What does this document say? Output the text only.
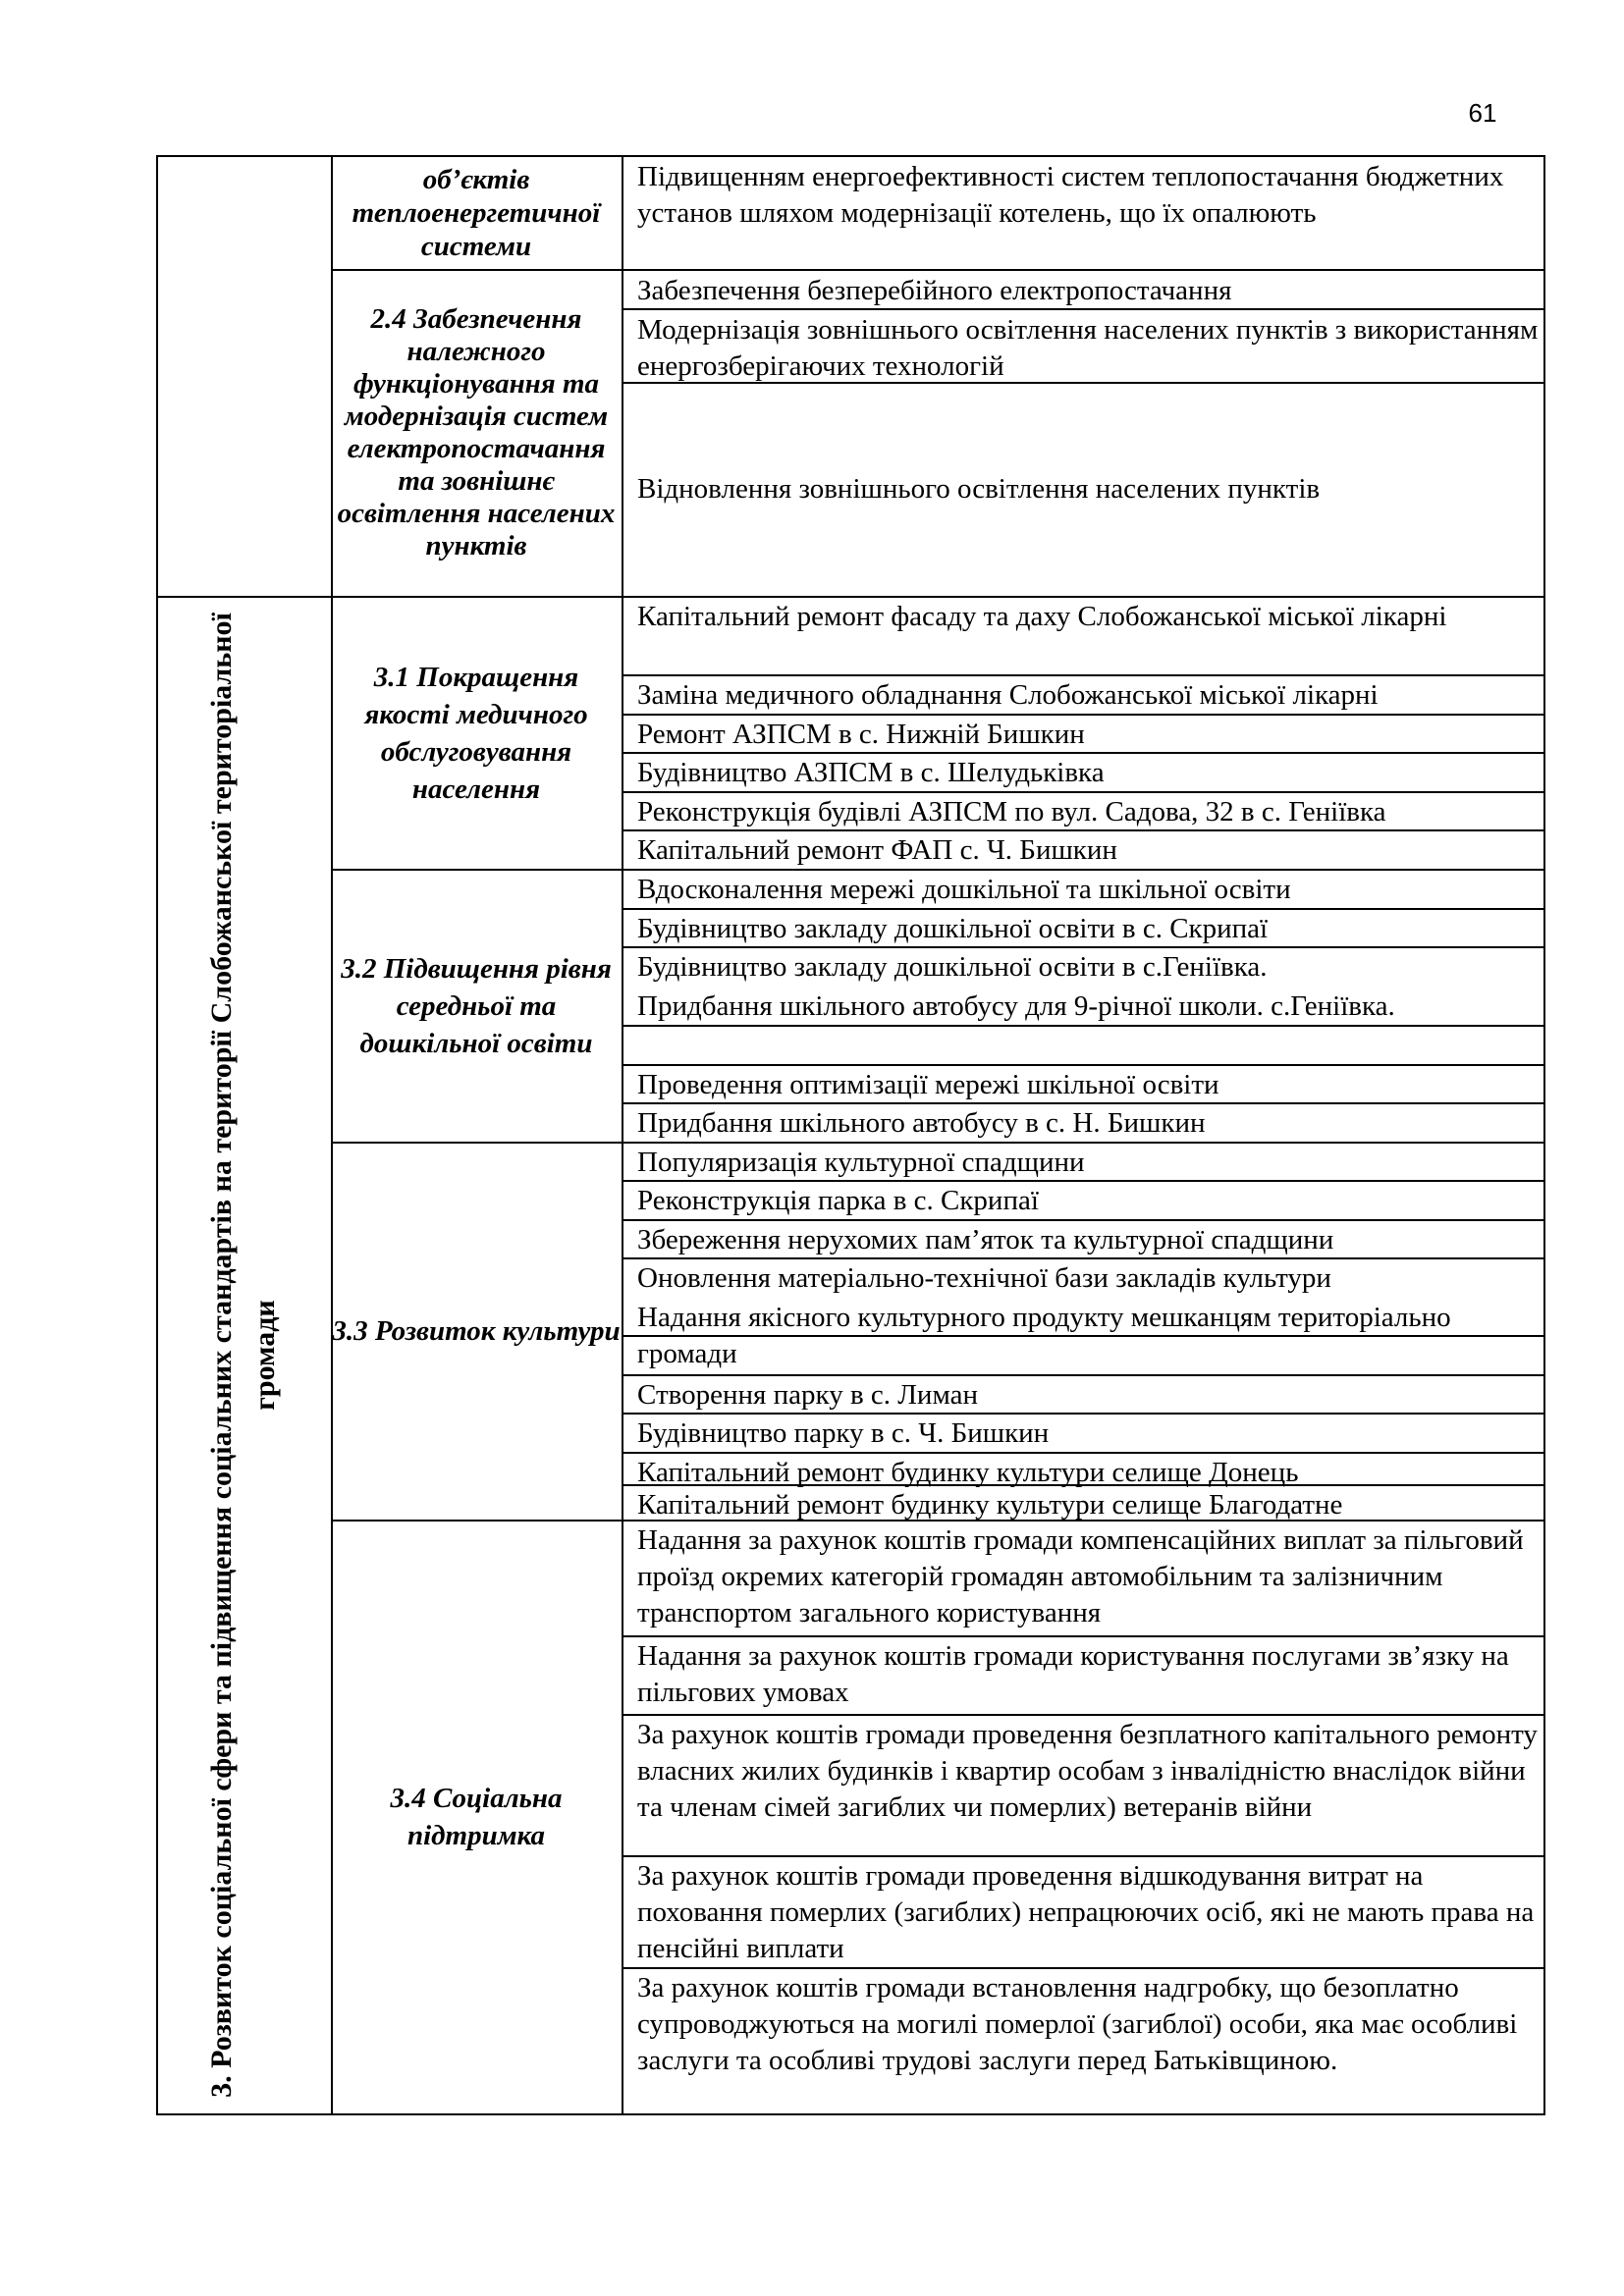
61
3. Розвиток соціальної сфери та підвищення соціальних стандартів на території Слобожанської територіальної громади
об’єктів теплоенергетичної системи
2.4 Забезпечення належного функціонування та модернізація систем електропостачання та зовнішнє освітлення населених пунктів
3.1 Покращення якості медичного обслуговування населення
3.2 Підвищення рівня середньої та дошкільної освіти
3.3 Розвиток культури
3.4 Соціальна підтримка
Підвищенням енергоефективності систем теплопостачання бюджетних установ шляхом модернізації котелень, що їх опалюють
Забезпечення безперебійного електропостачання
Модернізація зовнішнього освітлення населених пунктів з використанням енергозберігаючих технологій
Відновлення зовнішнього освітлення населених пунктів
Капітальний ремонт фасаду та даху Слобожанської міської лікарні
Заміна медичного обладнання Слобожанської міської лікарні
Ремонт АЗПСМ в с. Нижній Бишкин
Будівництво АЗПСМ в с. Шелудьківка
Реконструкція будівлі АЗПСМ по вул. Садова, 32 в с. Геніївка
Капітальний ремонт ФАП с. Ч. Бишкин
Вдосконалення мережі дошкільної та шкільної освіти
Будівництво закладу дошкільної освіти в с. Скрипаї
Будівництво закладу дошкільної освіти в с.Геніївка.
Придбання шкільного автобусу для 9-річної школи. с.Геніївка.
Проведення оптимізації мережі шкільної освіти
Придбання шкільного автобусу в с. Н. Бишкин
Популяризація культурної спадщини
Реконструкція парка в с. Скрипаї
Збереження нерухомих пам’яток та культурної спадщини
Оновлення матеріально-технічної бази закладів культури
Надання якісного культурного продукту мешканцям територіально громади
Створення парку в с. Лиман
Будівництво парку в с. Ч. Бишкин
Капітальний ремонт будинку культури селище Донець
Капітальний ремонт будинку культури селище Благодатне
Надання за рахунок коштів громади компенсаційних виплат за пільговий проїзд окремих категорій громадян автомобільним та залізничним транспортом загального користування
Надання за рахунок коштів громади користування послугами зв’язку на пільгових умовах
За рахунок коштів громади проведення безплатного капітального ремонту власних жилих будинків і квартир особам з інвалідністю внаслідок війни та членам сімей загиблих чи померлих) ветеранів війни
За рахунок коштів громади проведення відшкодування витрат на поховання померлих (загиблих) непрацюючих осіб, які не мають права на пенсійні виплати
За рахунок коштів громади встановлення надгробку, що безоплатно супроводжуються на могилі померлої (загиблої) особи, яка має особливі заслуги та особливі трудові заслуги перед Батьківщиною.
